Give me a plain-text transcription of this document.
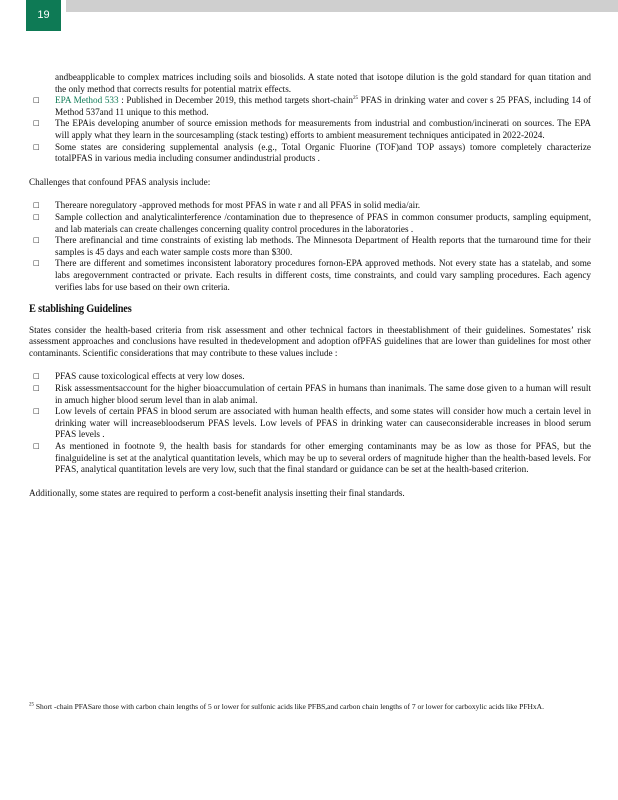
19

andbeapplicable to complex matrices including soils and biosolids. A state noted that isotope dilution is the gold standard for quan titation and the only method that corrects results for potential matrix effects.

□ EPA Method 533 : Published in December 2019, this method targets short-chain$^{25}$ PFAS in drinking water and cover s 25 PFAS, including 14 of Method 537and 11 unique to this method.
□ The EPAis developing anumber of source emission methods for measurements from industrial and combustion/incinerati on sources. The EPA will apply what they learn in the sourcesampling (stack testing) efforts to ambient measurement techniques anticipated in 2022-2024.
□ Some states are considering supplemental analysis (e.g., Total Organic Fluorine (TOF)and TOP assays) tomore completely characterize totalPFAS in various media including consumer andindustrial products .

Challenges that confound PFAS analysis include:

□ Thereare noregulatory -approved methods for most PFAS in wate r and all PFAS in solid media/air.
□ Sample collection and analyticalinterference /contamination due to thepresence of PFAS in common consumer products, sampling equipment, and lab materials can create challenges concerning quality control procedures in the laboratories .
□ There arefinancial and time constraints of existing lab methods. The Minnesota Department of Health reports that the turnaround time for their samples is 45 days and each water sample costs more than $300.
□ There are different and sometimes inconsistent laboratory procedures fornon-EPA approved methods. Not every state has a statelab, and some labs aregovernment contracted or private. Each results in different costs, time constraints, and could vary sampling procedures. Each agency verifies labs for use based on their own criteria.
E stablishing Guidelines

States consider the health-based criteria from risk assessment and other technical factors in theestablishment of their guidelines. Somestates’ risk assessment approaches and conclusions have resulted in thedevelopment and adoption ofPFAS guidelines that are lower than guidelines for most other contaminants. Scientific considerations that may contribute to these values include :

□ PFAS cause toxicological effects at very low doses.
□ Risk assessmentsaccount for the higher bioaccumulation of certain PFAS in humans than inanimals. The same dose given to a human will result in amuch higher blood serum level than in alab animal.
□ Low levels of certain PFAS in blood serum are associated with human health effects, and some states will consider how much a certain level in drinking water will increasebloodserum PFAS levels. Low levels of PFAS in drinking water can causeconsiderable increases in blood serum PFAS levels .
□ As mentioned in footnote 9, the health basis for standards for other emerging contaminants may be as low as those for PFAS, but the finalguideline is set at the analytical quantitation levels, which may be up to several orders of magnitude higher than the health-based levels. For PFAS, analytical quantitation levels are very low, such that the final standard or guidance can be set at the health-based criterion.

Additionally, some states are required to perform a cost-benefit analysis insetting their final standards.

$^{25}$ Short -chain PFASare those with carbon chain lengths of 5 or lower for sulfonic acids like PFBS,and carbon chain lengths of 7 or lower for carboxylic acids like PFHxA.
